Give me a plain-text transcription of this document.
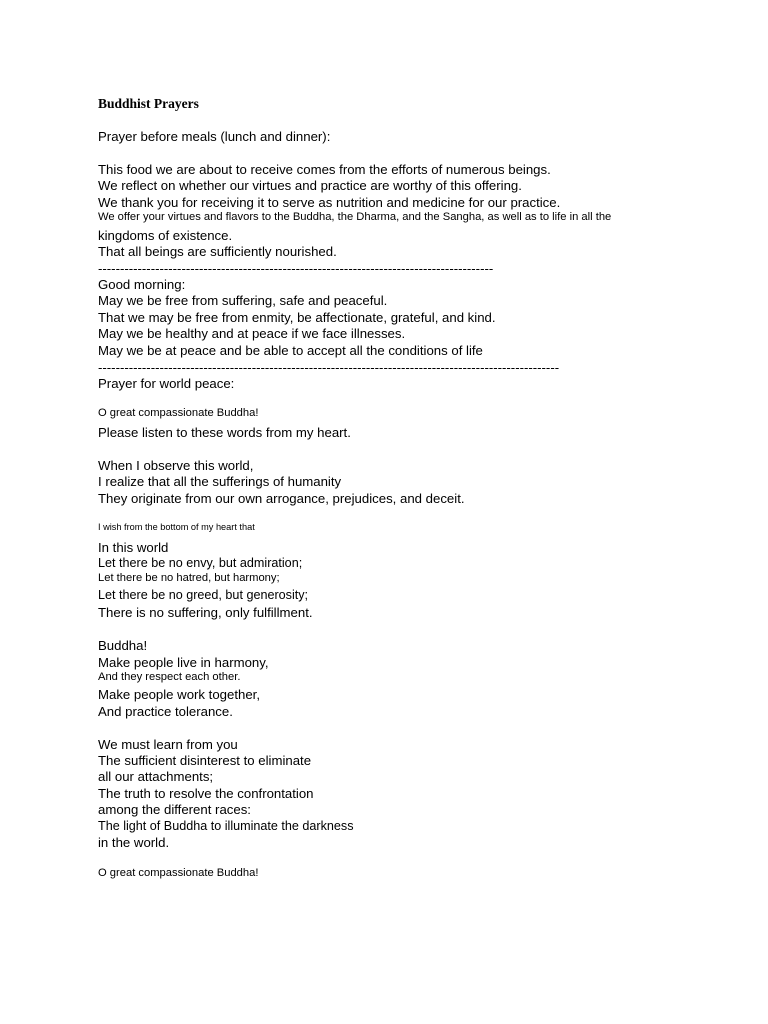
Buddhist Prayers

Prayer before meals (lunch and dinner):

This food we are about to receive comes from the efforts of numerous beings.

We reflect on whether our virtues and practice are worthy of this offering.

We thank you for receiving it to serve as nutrition and medicine for our practice.

We offer your virtues and flavors to the Buddha, the Dharma, and the Sangha, as well as to life in all the

kingdoms of existence.

That all beings are sufficiently nourished.

------------------------------------------------------------------------------------------

Good morning:

May we be free from suffering, safe and peaceful.

That we may be free from enmity, be affectionate, grateful, and kind.

May we be healthy and at peace if we face illnesses.

May we be at peace and be able to accept all the conditions of life

---------------------------------------------------------------------------------------------------------

Prayer for world peace:

O great compassionate Buddha!

Please listen to these words from my heart.

When I observe this world,

I realize that all the sufferings of humanity

They originate from our own arrogance, prejudices, and deceit.

I wish from the bottom of my heart that

In this world

Let there be no envy, but admiration;

Let there be no hatred, but harmony;

Let there be no greed, but generosity;

There is no suffering, only fulfillment.

Buddha!

Make people live in harmony,

And they respect each other.

Make people work together,

And practice tolerance.

We must learn from you

The sufficient disinterest to eliminate

all our attachments;

The truth to resolve the confrontation

among the different races:

The light of Buddha to illuminate the darkness

in the world.

O great compassionate Buddha!
